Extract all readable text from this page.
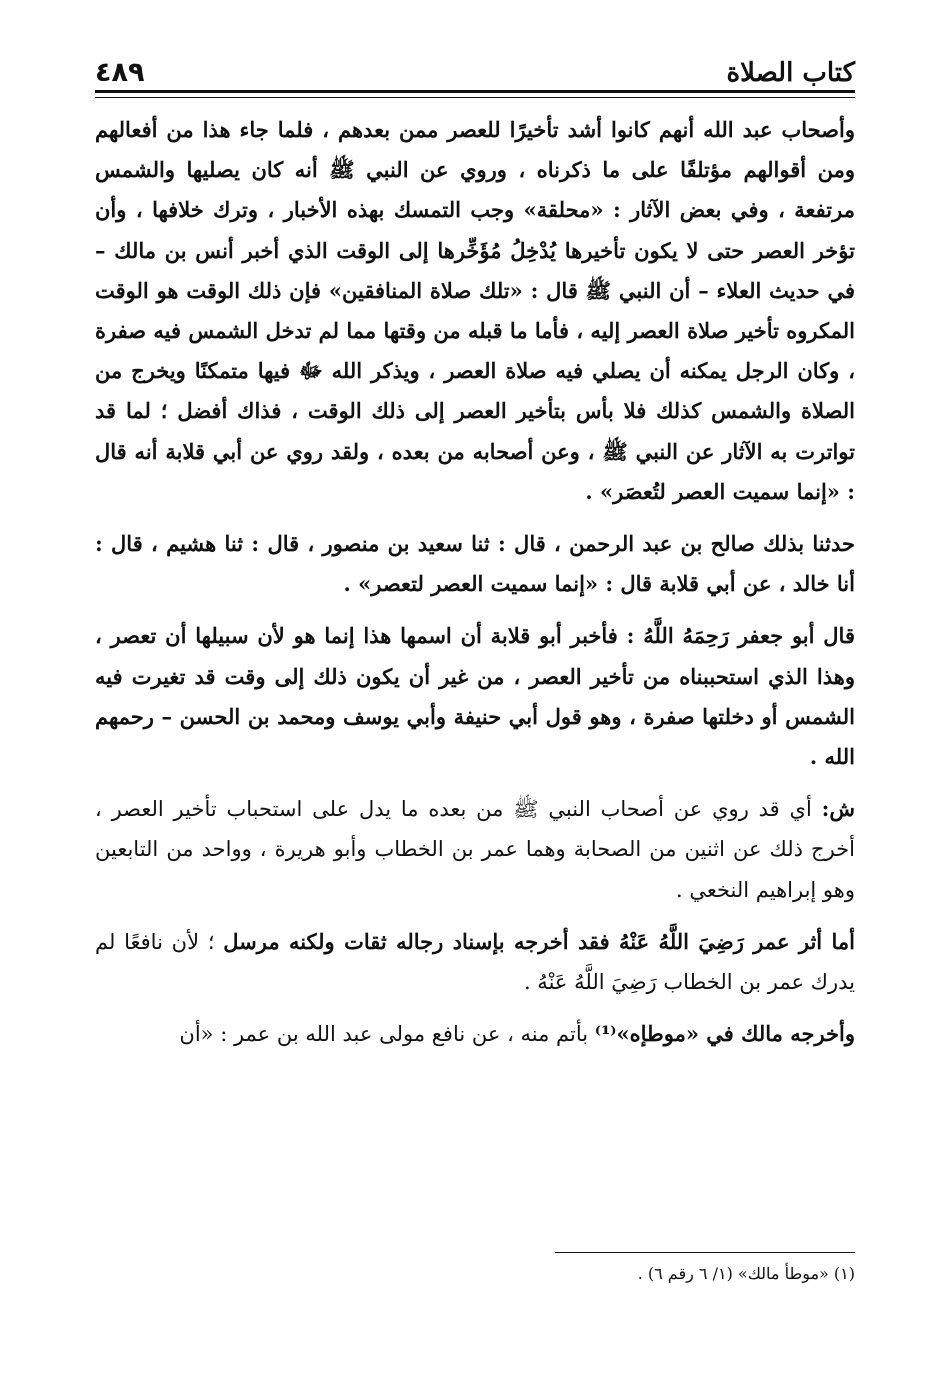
كتاب الصلاة
٤٨٩

وأصحاب عبد الله أنهم كانوا أشد تأخيرًا للعصر ممن بعدهم ، فلما جاء هذا من أفعالهم ومن أقوالهم مؤتلفًا على ما ذكرناه ، وروي عن النبي ﷺ أنه كان يصليها والشمس مرتفعة ، وفي بعض الآثار : «محلقة» وجب التمسك بهذه الأخبار ، وترك خلافها ، وأن تؤخر العصر حتى لا يكون تأخيرها يُدْخِلُ مُؤَخِّرها إلى الوقت الذي أخبر أنس بن مالك – في حديث العلاء – أن النبي ﷺ قال : «تلك صلاة المنافقين» فإن ذلك الوقت هو الوقت المكروه تأخير صلاة العصر إليه ، فأما ما قبله من وقتها مما لم تدخل الشمس فيه صفرة ، وكان الرجل يمكنه أن يصلي فيه صلاة العصر ، ويذكر الله ﷻ فيها متمكنًا ويخرج من الصلاة والشمس كذلك فلا بأس بتأخير العصر إلى ذلك الوقت ، فذاك أفضل ؛ لما قد تواترت به الآثار عن النبي ﷺ ، وعن أصحابه من بعده ، ولقد روي عن أبي قلابة أنه قال : «إنما سميت العصر لتُعصَر» .

حدثنا بذلك صالح بن عبد الرحمن ، قال : ثنا سعيد بن منصور ، قال : ثنا هشيم ، قال : أنا خالد ، عن أبي قلابة قال : «إنما سميت العصر لتعصر» .

قال أبو جعفر رَحِمَهُ اللَّهُ : فأخبر أبو قلابة أن اسمها هذا إنما هو لأن سبيلها أن تعصر ، وهذا الذي استحببناه من تأخير العصر ، من غير أن يكون ذلك إلى وقت قد تغيرت فيه الشمس أو دخلتها صفرة ، وهو قول أبي حنيفة وأبي يوسف ومحمد بن الحسن – رحمهم الله .

ش: أي قد روي عن أصحاب النبي ﷺ من بعده ما يدل على استحباب تأخير العصر ، أخرج ذلك عن اثنين من الصحابة وهما عمر بن الخطاب وأبو هريرة ، وواحد من التابعين وهو إبراهيم النخعي .

أما أثر عمر رَضِيَ اللَّهُ عَنْهُ فقد أخرجه بإسناد رجاله ثقات ولكنه مرسل ؛ لأن نافعًا لم يدرك عمر بن الخطاب رَضِيَ اللَّهُ عَنْهُ .

وأخرجه مالك في «موطإه»⁽¹⁾ بأتم منه ، عن نافع مولى عبد الله بن عمر : «أن

(١) «موطأ مالك» (١/ ٦ رقم ٦) .
